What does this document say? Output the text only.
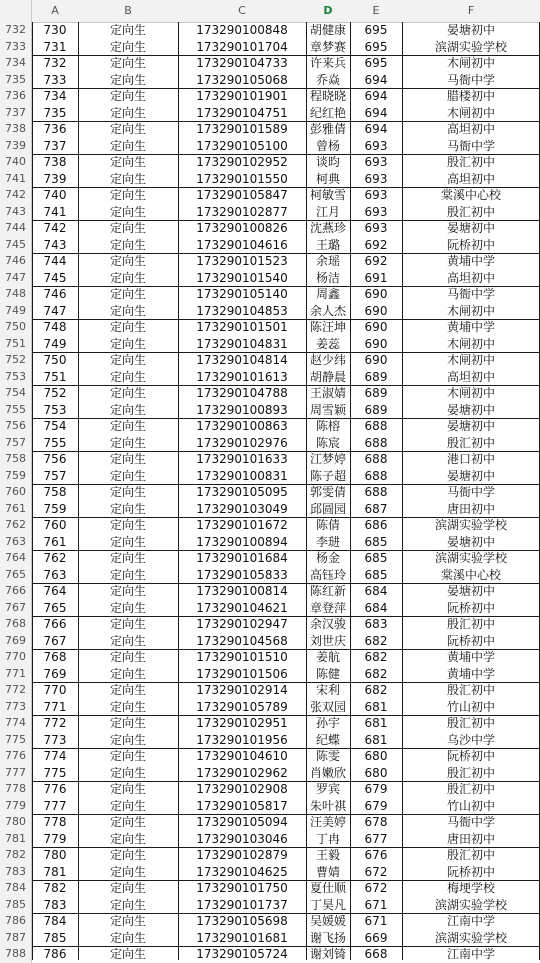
A	B	C	D	E	F
732	730	定向生	173290100848	胡健康	695	晏塘初中
733	731	定向生	173290101704	章梦赛	695	滨湖实验学校
734	732	定向生	173290104733	许来兵	695	木闸初中
735	733	定向生	173290105068	乔焱	694	马衙中学
736	734	定向生	173290101901	程晓晓	694	腊楼初中
737	735	定向生	173290104751	纪红艳	694	木闸初中
738	736	定向生	173290101589	彭雅倩	694	高坦初中
739	737	定向生	173290105100	曾杨	693	马衙中学
740	738	定向生	173290102952	谈昀	693	殷汇初中
741	739	定向生	173290101550	柯典	693	高坦初中
742	740	定向生	173290105847	柯敏雪	693	棠溪中心校
743	741	定向生	173290102877	江月	693	殷汇初中
744	742	定向生	173290100826	沈燕珍	693	晏塘初中
745	743	定向生	173290104616	王璐	692	阮桥初中
746	744	定向生	173290101523	余瑶	692	黄埔中学
747	745	定向生	173290101540	杨洁	691	高坦初中
748	746	定向生	173290105140	周鑫	690	马衙中学
749	747	定向生	173290104853	余人杰	690	木闸初中
750	748	定向生	173290101501	陈汪坤	690	黄埔中学
751	749	定向生	173290104831	姜蕊	690	木闸初中
752	750	定向生	173290104814	赵少纬	690	木闸初中
753	751	定向生	173290101613	胡静晨	689	高坦初中
754	752	定向生	173290104788	王淑婧	689	木闸初中
755	753	定向生	173290100893	周雪颖	689	晏塘初中
756	754	定向生	173290100863	陈榕	688	晏塘初中
757	755	定向生	173290102976	陈宸	688	殷汇初中
758	756	定向生	173290101633	江梦婷	688	港口初中
759	757	定向生	173290100831	陈子超	688	晏塘初中
760	758	定向生	173290105095	郭雯倩	688	马衙中学
761	759	定向生	173290103049	邱圆园	687	唐田初中
762	760	定向生	173290101672	陈倩	686	滨湖实验学校
763	761	定向生	173290100894	李琎	685	晏塘初中
764	762	定向生	173290101684	杨金	685	滨湖实验学校
765	763	定向生	173290105833	高钰玲	685	棠溪中心校
766	764	定向生	173290100814	陈红新	684	晏塘初中
767	765	定向生	173290104621	章登萍	684	阮桥初中
768	766	定向生	173290102947	余汉骏	683	殷汇初中
769	767	定向生	173290104568	刘世庆	682	阮桥初中
770	768	定向生	173290101510	姜航	682	黄埔中学
771	769	定向生	173290101506	陈健	682	黄埔中学
772	770	定向生	173290102914	宋利	682	殷汇初中
773	771	定向生	173290105789	张双园	681	竹山初中
774	772	定向生	173290102951	孙宇	681	殷汇初中
775	773	定向生	173290101956	纪蝶	681	乌沙中学
776	774	定向生	173290104610	陈雯	680	阮桥初中
777	775	定向生	173290102962	肖嫩欣	680	殷汇初中
778	776	定向生	173290102908	罗宾	679	殷汇初中
779	777	定向生	173290105817	朱叶祺	679	竹山初中
780	778	定向生	173290105094	汪美婷	678	马衙中学
781	779	定向生	173290103046	丁冉	677	唐田初中
782	780	定向生	173290102879	王毅	676	殷汇初中
783	781	定向生	173290104625	曹婧	672	阮桥初中
784	782	定向生	173290101750	夏仕顺	672	梅埂学校
785	783	定向生	173290101737	丁昊凡	671	滨湖实验学校
786	784	定向生	173290105698	吴媛媛	671	江南中学
787	785	定向生	173290101681	谢飞扬	669	滨湖实验学校
788	786	定向生	173290105724	谢刘锜	668	江南中学
